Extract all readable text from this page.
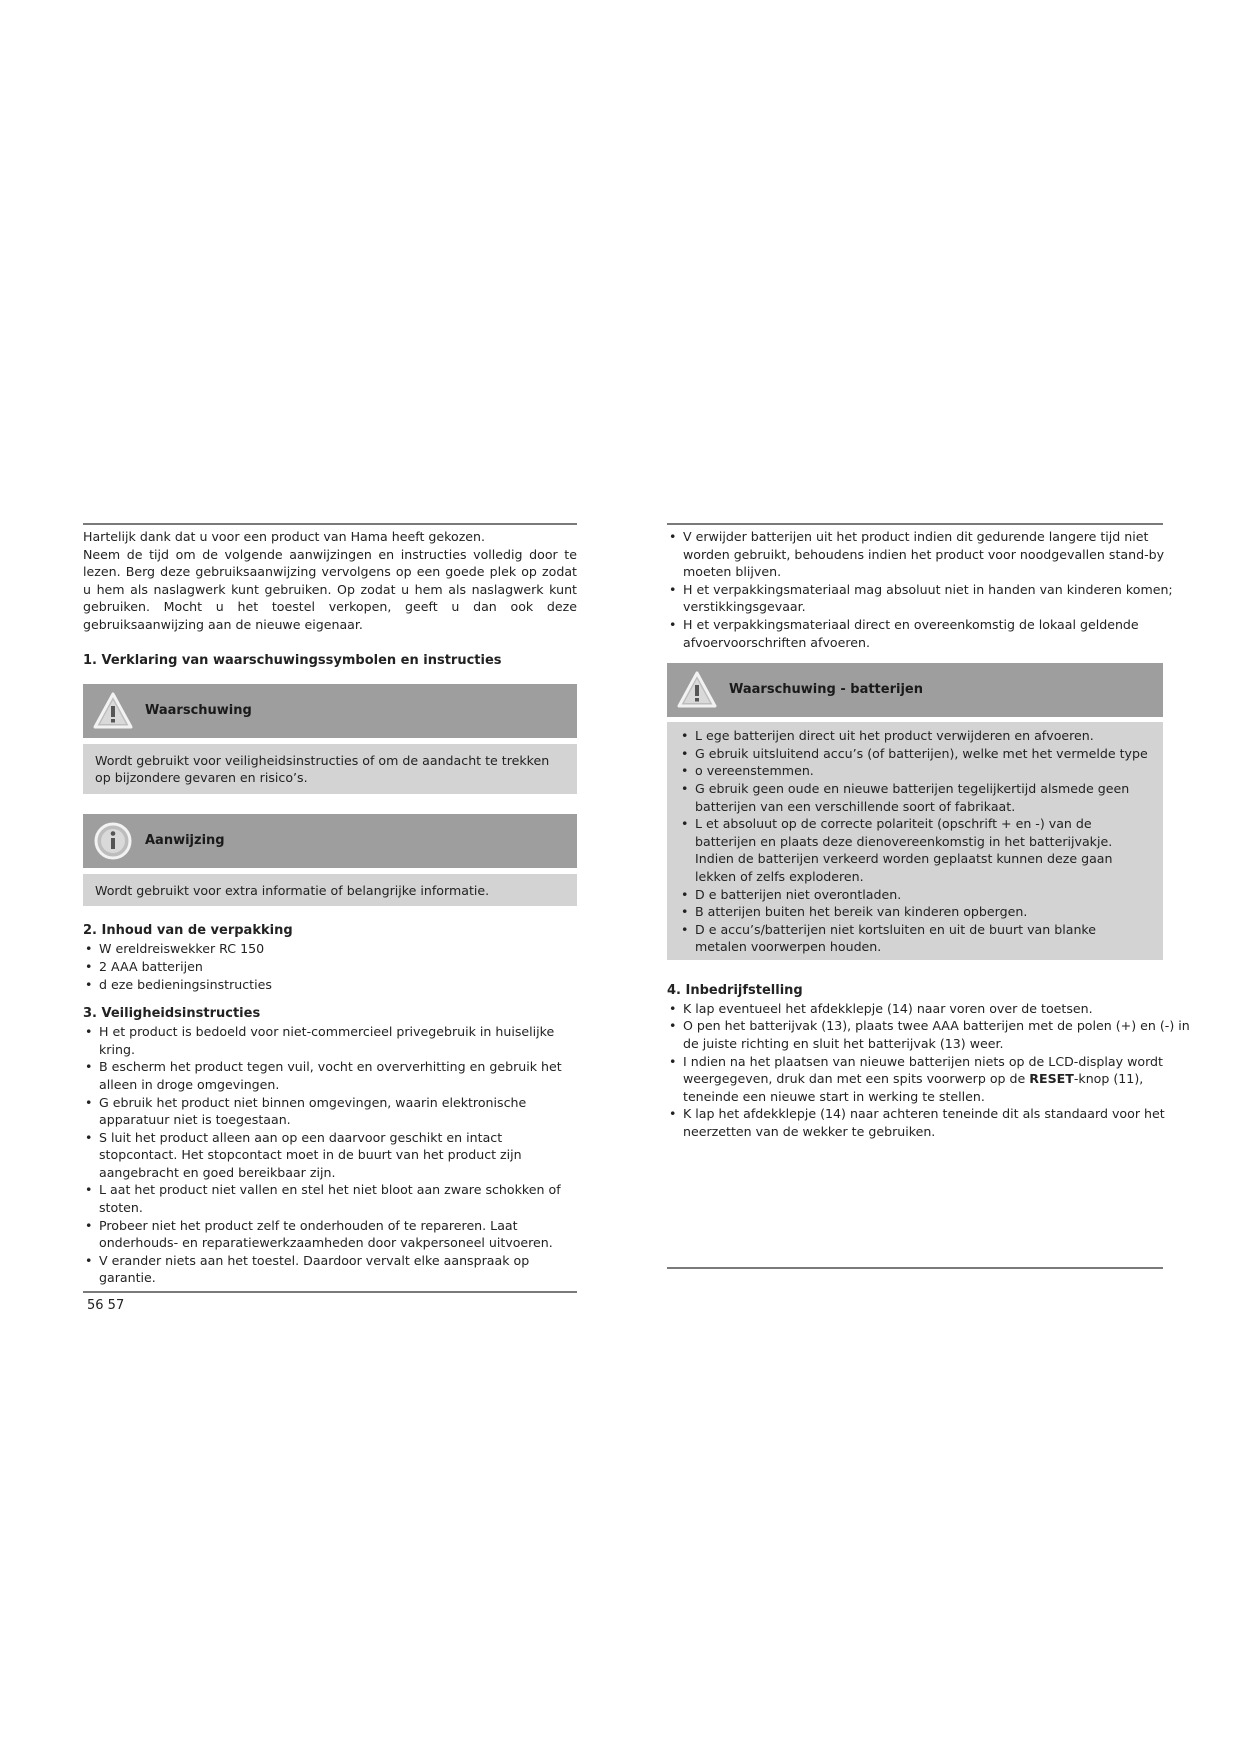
Hartelijk dank dat u voor een product van Hama heeft gekozen.

Neem de tijd om de volgende aanwijzingen en instructies volledig door te lezen. Berg deze gebruiksaanwijzing vervolgens op een goede plek op zodat u hem als naslagwerk kunt gebruiken. Op zodat u hem als naslagwerk kunt gebruiken. Mocht u het toestel verkopen, geeft u dan ook deze gebruiksaanwijzing aan de nieuwe eigenaar.

1. Verklaring van waarschuwingssymbolen en instructies
Waarschuwing
Wordt gebruikt voor veiligheidsinstructies of om de aandacht te trekken op bijzondere gevaren en risico’s.
Aanwijzing
Wordt gebruikt voor extra informatie of belangrijke informatie.
2. Inhoud van de verpakking
• W ereldreiswekker RC 150
• 2 AAA batterijen
• d eze bedieningsinstructies
3. Veiligheidsinstructies
• H et product is bedoeld voor niet-commercieel privegebruik in huiselijke kring.
• B escherm het product tegen vuil, vocht en oververhitting en gebruik het alleen in droge omgevingen.
• G ebruik het product niet binnen omgevingen, waarin elektronische apparatuur niet is toegestaan.
• S luit het product alleen aan op een daarvoor geschikt en intact stopcontact. Het stopcontact moet in de buurt van het product zijn aangebracht en goed bereikbaar zijn.
• L aat het product niet vallen en stel het niet bloot aan zware schokken of stoten.
• Probeer niet het product zelf te onderhouden of te repareren. Laat onderhouds- en reparatiewerkzaamheden door vakpersoneel uitvoeren.
• V erander niets aan het toestel. Daardoor vervalt elke aanspraak op garantie.
56 57
• V erwijder batterijen uit het product indien dit gedurende langere tijd niet worden gebruikt, behoudens indien het product voor noodgevallen stand-by moeten blijven.
• H et verpakkingsmateriaal mag absoluut niet in handen van kinderen komen; verstikkingsgevaar.
• H et verpakkingsmateriaal direct en overeenkomstig de lokaal geldende afvoervoorschriften afvoeren.
Waarschuwing - batterijen
• L ege batterijen direct uit het product verwijderen en afvoeren.
• G ebruik uitsluitend accu’s (of batterijen), welke met het vermelde type
• o vereenstemmen.
• G ebruik geen oude en nieuwe batterijen tegelijkertijd alsmede geen batterijen van een verschillende soort of fabrikaat.
• L et absoluut op de correcte polariteit (opschrift + en -) van de batterijen en plaats deze dienovereenkomstig in het batterijvakje. Indien de batterijen verkeerd worden geplaatst kunnen deze gaan lekken of zelfs exploderen.
• D e batterijen niet overontladen.
• B atterijen buiten het bereik van kinderen opbergen.
• D e accu’s/batterijen niet kortsluiten en uit de buurt van blanke metalen voorwerpen houden.
4. Inbedrijfstelling
• K lap eventueel het afdekklepje (14) naar voren over de toetsen.
• O pen het batterijvak (13), plaats twee AAA batterijen met de polen (+) en (-) in de juiste richting en sluit het batterijvak (13) weer.
• I ndien na het plaatsen van nieuwe batterijen niets op de LCD-display wordt weergegeven, druk dan met een spits voorwerp op de RESET-knop (11), teneinde een nieuwe start in werking te stellen.
• K lap het afdekklepje (14) naar achteren teneinde dit als standaard voor het neerzetten van de wekker te gebruiken.
